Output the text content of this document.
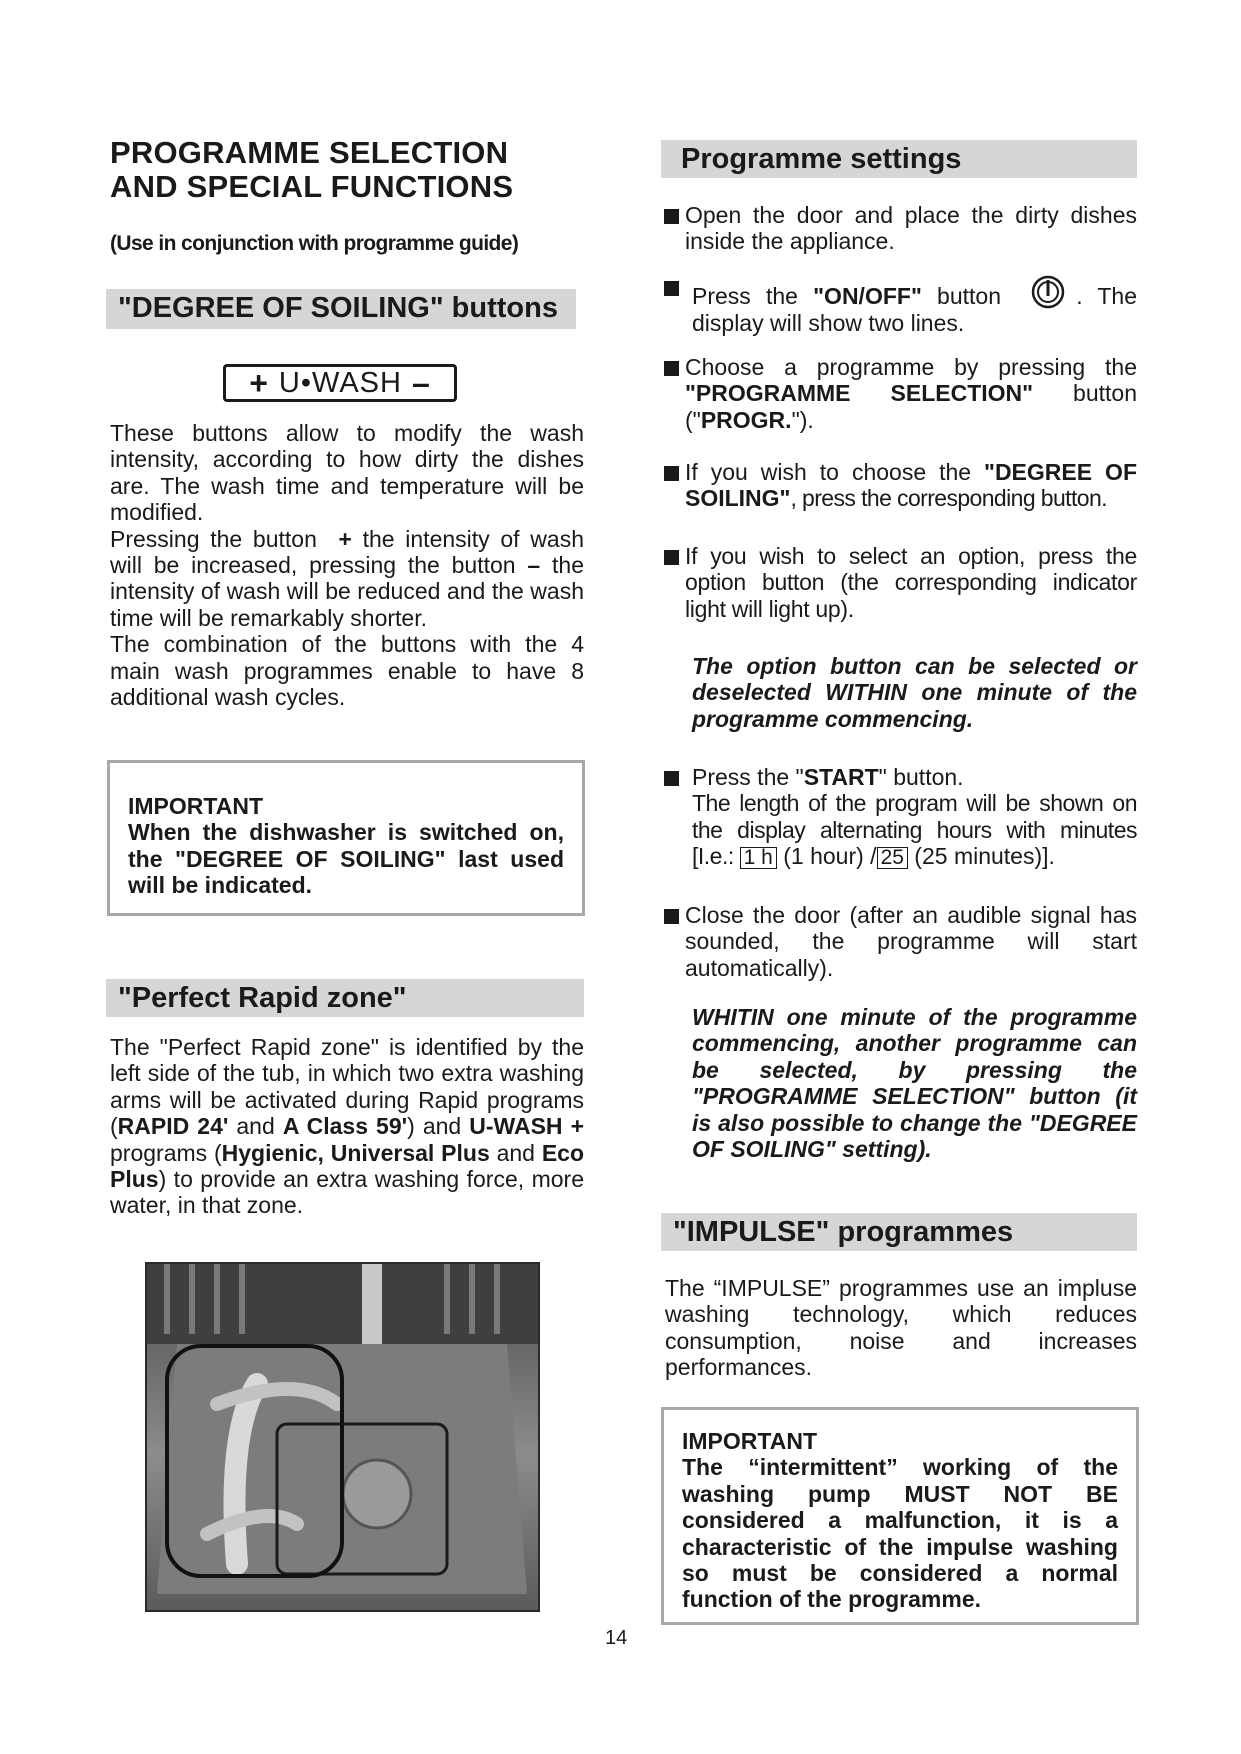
PROGRAMME SELECTION
AND SPECIAL FUNCTIONS

(Use in conjunction with programme guide)

"DEGREE OF SOILING" buttons
+ U•WASH –

These buttons allow to modify the wash intensity, according to how dirty the dishes are. The wash time and temperature will be modified.

Pressing the button + the intensity of wash will be increased, pressing the button – the intensity of wash will be reduced and the wash time will be remarkably shorter.

The combination of the buttons with the 4 main wash programmes enable to have 8 additional wash cycles.

IMPORTANT
When the dishwasher is switched on, the "DEGREE OF SOILING" last used will be indicated.
"Perfect Rapid zone"

The "Perfect Rapid zone" is identified by the left side of the tub, in which two extra washing arms will be activated during Rapid programs (RAPID 24' and A Class 59') and U-WASH + programs (Hygienic, Universal Plus and Eco Plus) to provide an extra washing force, more water, in that zone.

Programme settings
Open the door and place the dirty dishes inside the appliance.
Press the "ON/OFF" button	. The display will show two lines.
Choose a programme by pressing the "PROGRAMME SELECTION" button ("PROGR.").
If you wish to choose the "DEGREE OF SOILING", press the corresponding button.
If you wish to select an option, press the option button (the corresponding indicator light will light up).

The option button can be selected or deselected WITHIN one minute of the programme commencing.

Press the "START" button.
The length of the program will be shown on the display alternating hours with minutes [I.e.: 1 h (1 hour) / 25 (25 minutes)].
Close the door (after an audible signal has sounded, the programme will start automatically).

WHITIN one minute of the programme commencing, another programme can be selected, by pressing the "PROGRAMME SELECTION" button (it is also possible to change the "DEGREE OF SOILING" setting).

"IMPULSE" programmes

The “IMPULSE” programmes use an impluse washing technology, which reduces consumption, noise and increases performances.

IMPORTANT
The “intermittent” working of the washing pump MUST NOT BE considered a malfunction, it is a characteristic of the impulse washing so must be considered a normal function of the programme.
14
